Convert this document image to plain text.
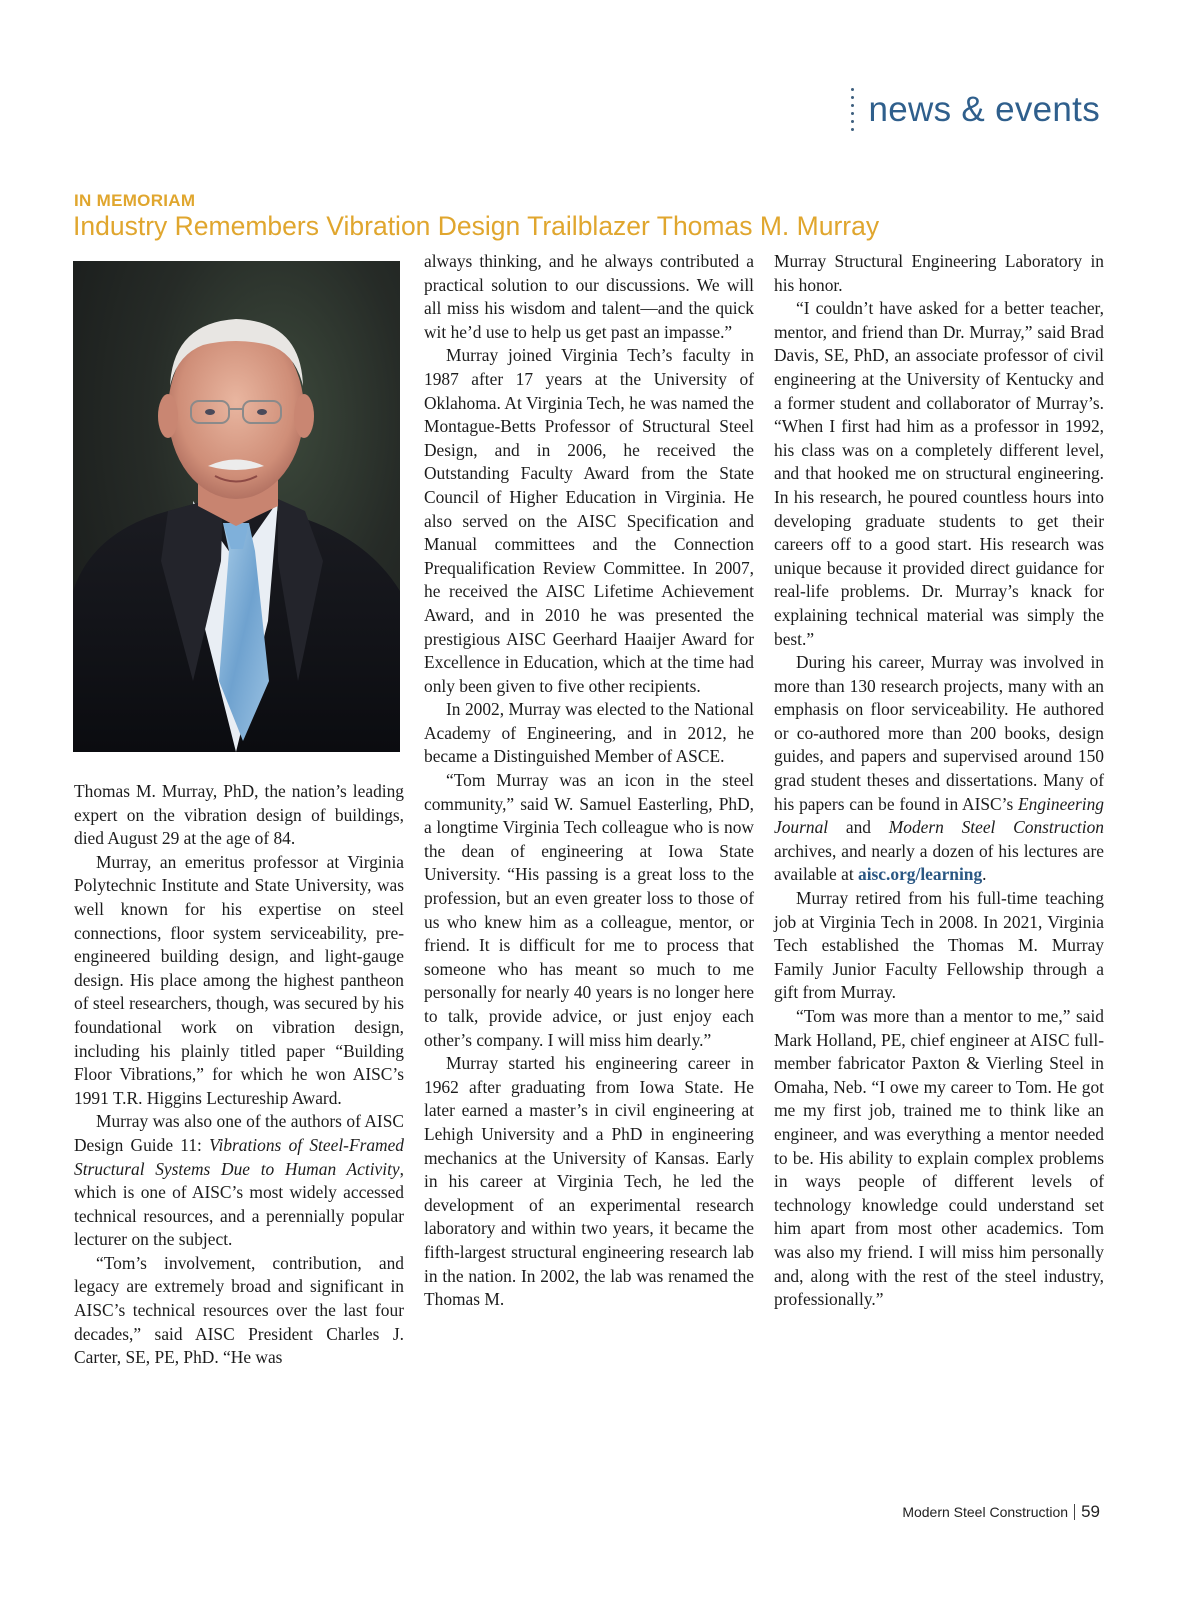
news & events
IN MEMORIAM
Industry Remembers Vibration Design Trailblazer Thomas M. Murray

Thomas M. Murray, PhD, the nation’s leading expert on the vibration design of buildings, died August 29 at the age of 84.

Murray, an emeritus professor at Virginia Polytechnic Institute and State University, was well known for his expertise on steel connections, floor system serviceability, pre-engineered building design, and light-gauge design. His place among the highest pantheon of steel researchers, though, was secured by his foundational work on vibration design, including his plainly titled paper “Building Floor Vibrations,” for which he won AISC’s 1991 T.R. Higgins Lectureship Award.

Murray was also one of the authors of AISC Design Guide 11: Vibrations of Steel-Framed Structural Systems Due to Human Activity, which is one of AISC’s most widely accessed technical resources, and a perennially popular lecturer on the subject.

“Tom’s involvement, contribution, and legacy are extremely broad and significant in AISC’s technical resources over the last four decades,” said AISC President Charles J. Carter, SE, PE, PhD. “He was

always thinking, and he always contributed a practical solution to our discussions. We will all miss his wisdom and talent—and the quick wit he’d use to help us get past an impasse.”

Murray joined Virginia Tech’s faculty in 1987 after 17 years at the University of Oklahoma. At Virginia Tech, he was named the Montague-Betts Professor of Structural Steel Design, and in 2006, he received the Outstanding Faculty Award from the State Council of Higher Education in Virginia. He also served on the AISC Specification and Manual committees and the Connection Prequalification Review Committee. In 2007, he received the AISC Lifetime Achievement Award, and in 2010 he was presented the prestigious AISC Geerhard Haaijer Award for Excellence in Education, which at the time had only been given to five other recipients.

In 2002, Murray was elected to the National Academy of Engineering, and in 2012, he became a Distinguished Member of ASCE.

“Tom Murray was an icon in the steel community,” said W. Samuel Easterling, PhD, a longtime Virginia Tech colleague who is now the dean of engineering at Iowa State University. “His passing is a great loss to the profession, but an even greater loss to those of us who knew him as a colleague, mentor, or friend. It is difficult for me to process that someone who has meant so much to me personally for nearly 40 years is no longer here to talk, provide advice, or just enjoy each other’s company. I will miss him dearly.”

Murray started his engineering career in 1962 after graduating from Iowa State. He later earned a master’s in civil engineering at Lehigh University and a PhD in engineering mechanics at the University of Kansas. Early in his career at Virginia Tech, he led the development of an experimental research laboratory and within two years, it became the fifth-largest structural engineering research lab in the nation. In 2002, the lab was renamed the Thomas M.

Murray Structural Engineering Laboratory in his honor.

“I couldn’t have asked for a better teacher, mentor, and friend than Dr. Murray,” said Brad Davis, SE, PhD, an associate professor of civil engineering at the University of Kentucky and a former student and collaborator of Murray’s. “When I first had him as a professor in 1992, his class was on a completely different level, and that hooked me on structural engineering. In his research, he poured countless hours into developing graduate students to get their careers off to a good start. His research was unique because it provided direct guidance for real-life problems. Dr. Murray’s knack for explaining technical material was simply the best.”

During his career, Murray was involved in more than 130 research projects, many with an emphasis on floor serviceability. He authored or co-authored more than 200 books, design guides, and papers and supervised around 150 grad student theses and dissertations. Many of his papers can be found in AISC’s Engineering Journal and Modern Steel Construction archives, and nearly a dozen of his lectures are available at aisc.org/learning.

Murray retired from his full-time teaching job at Virginia Tech in 2008. In 2021, Virginia Tech established the Thomas M. Murray Family Junior Faculty Fellowship through a gift from Murray.

“Tom was more than a mentor to me,” said Mark Holland, PE, chief engineer at AISC full-member fabricator Paxton & Vierling Steel in Omaha, Neb. “I owe my career to Tom. He got me my first job, trained me to think like an engineer, and was everything a mentor needed to be. His ability to explain complex problems in ways people of different levels of technology knowledge could understand set him apart from most other academics. Tom was also my friend. I will miss him personally and, along with the rest of the steel industry, professionally.”

Modern Steel Construction 59
